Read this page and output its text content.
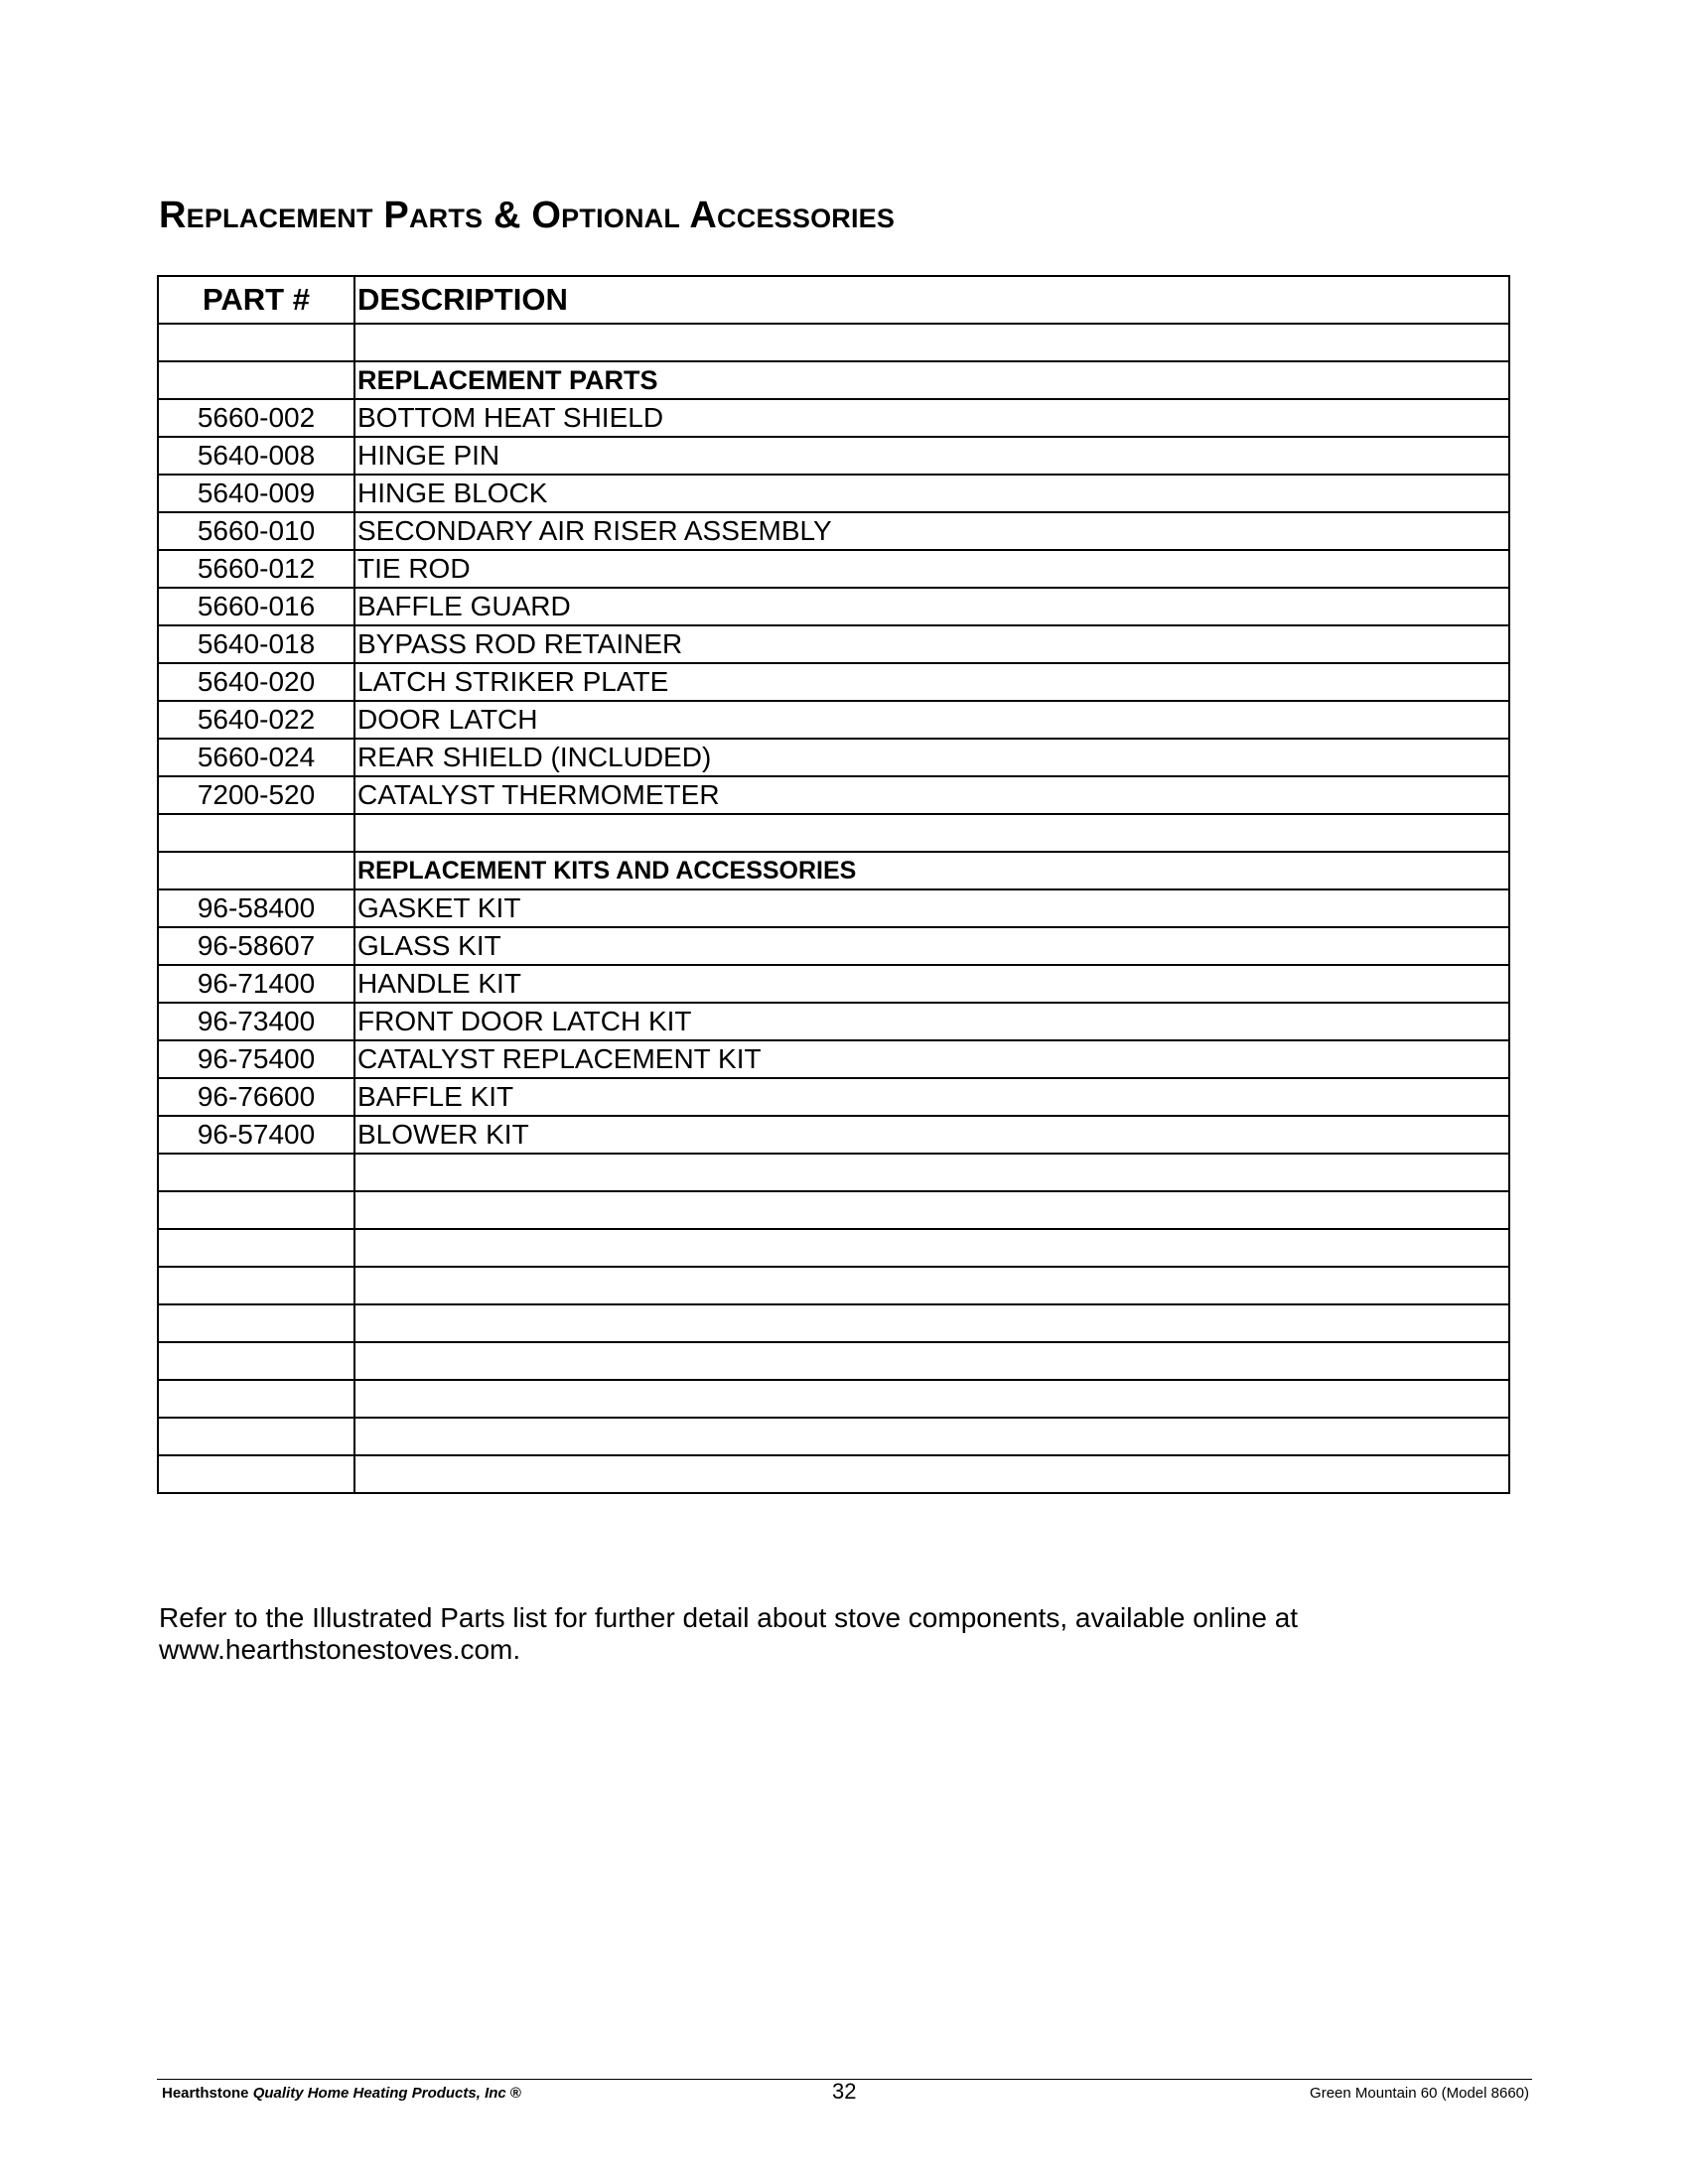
Replacement Parts & Optional Accessories
PART #	DESCRIPTION

	REPLACEMENT PARTS
5660-002	BOTTOM HEAT SHIELD
5640-008	HINGE PIN
5640-009	HINGE BLOCK
5660-010	SECONDARY AIR RISER ASSEMBLY
5660-012	TIE ROD
5660-016	BAFFLE GUARD
5640-018	BYPASS ROD RETAINER
5640-020	LATCH STRIKER PLATE
5640-022	DOOR LATCH
5660-024	REAR SHIELD (INCLUDED)
7200-520	CATALYST THERMOMETER

	REPLACEMENT KITS AND ACCESSORIES
96-58400	GASKET KIT
96-58607	GLASS KIT
96-71400	HANDLE KIT
96-73400	FRONT DOOR LATCH KIT
96-75400	CATALYST REPLACEMENT KIT
96-76600	BAFFLE KIT
96-57400	BLOWER KIT

Refer to the Illustrated Parts list for further detail about stove components, available online at
www.hearthstonestoves.com.

Hearthstone Quality Home Heating Products, Inc ®	32	Green Mountain 60 (Model 8660)
